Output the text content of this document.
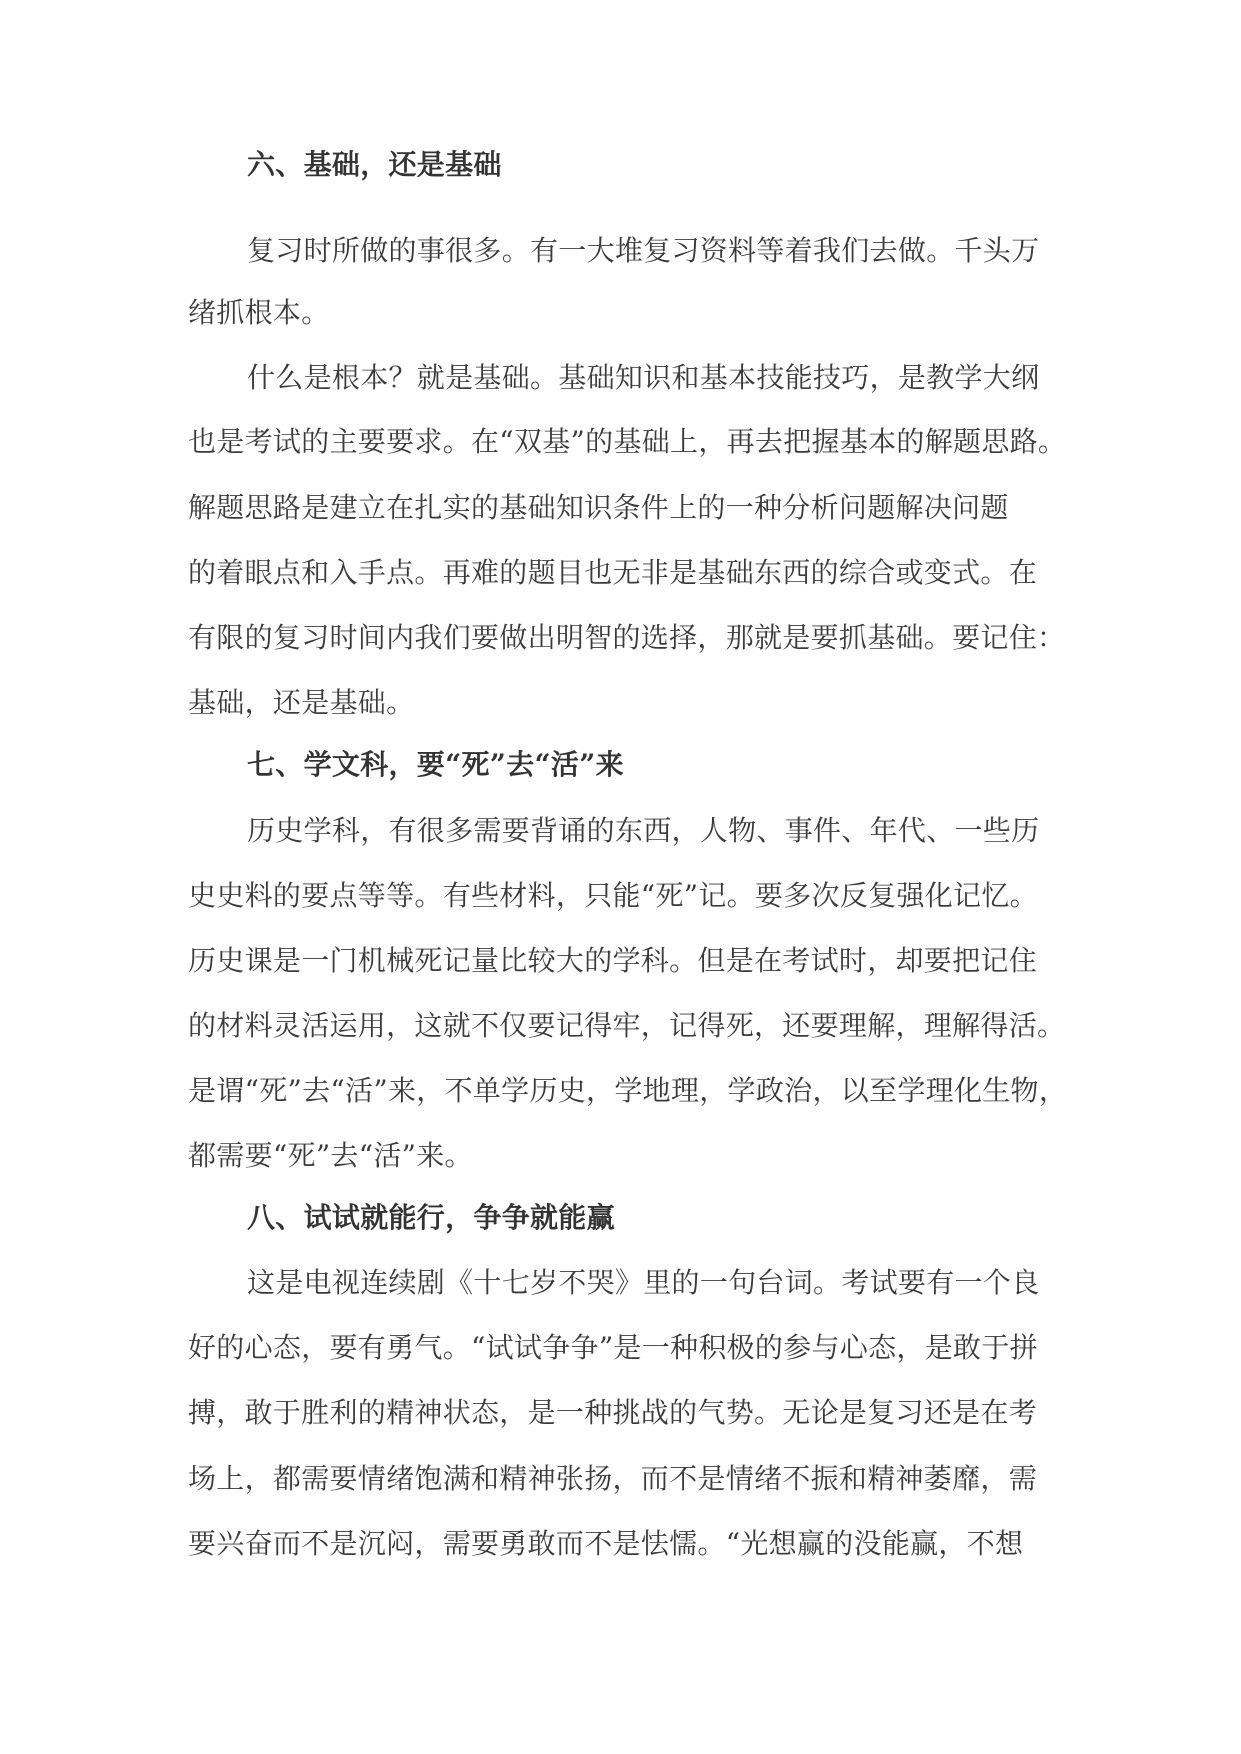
六、基础，还是基础
复习时所做的事很多。有一大堆复习资料等着我们去做。千头万
绪抓根本。
什么是根本？就是基础。基础知识和基本技能技巧，是教学大纲
也是考试的主要要求。在“双基”的基础上，再去把握基本的解题思路。
解题思路是建立在扎实的基础知识条件上的一种分析问题解决问题
的着眼点和入手点。再难的题目也无非是基础东西的综合或变式。在
有限的复习时间内我们要做出明智的选择，那就是要抓基础。要记住：
基础，还是基础。
七、学文科，要“死”去“活”来
历史学科，有很多需要背诵的东西，人物、事件、年代、一些历
史史料的要点等等。有些材料，只能“死”记。要多次反复强化记忆。
历史课是一门机械死记量比较大的学科。但是在考试时，却要把记住
的材料灵活运用，这就不仅要记得牢，记得死，还要理解，理解得活。
是谓“死”去“活”来，不单学历史，学地理，学政治，以至学理化生物，
都需要“死”去“活”来。
八、试试就能行，争争就能赢
这是电视连续剧《十七岁不哭》里的一句台词。考试要有一个良
好的心态，要有勇气。“试试争争”是一种积极的参与心态，是敢于拼
搏，敢于胜利的精神状态，是一种挑战的气势。无论是复习还是在考
场上，都需要情绪饱满和精神张扬，而不是情绪不振和精神萎靡，需
要兴奋而不是沉闷，需要勇敢而不是怯懦。“光想赢的没能赢，不想
